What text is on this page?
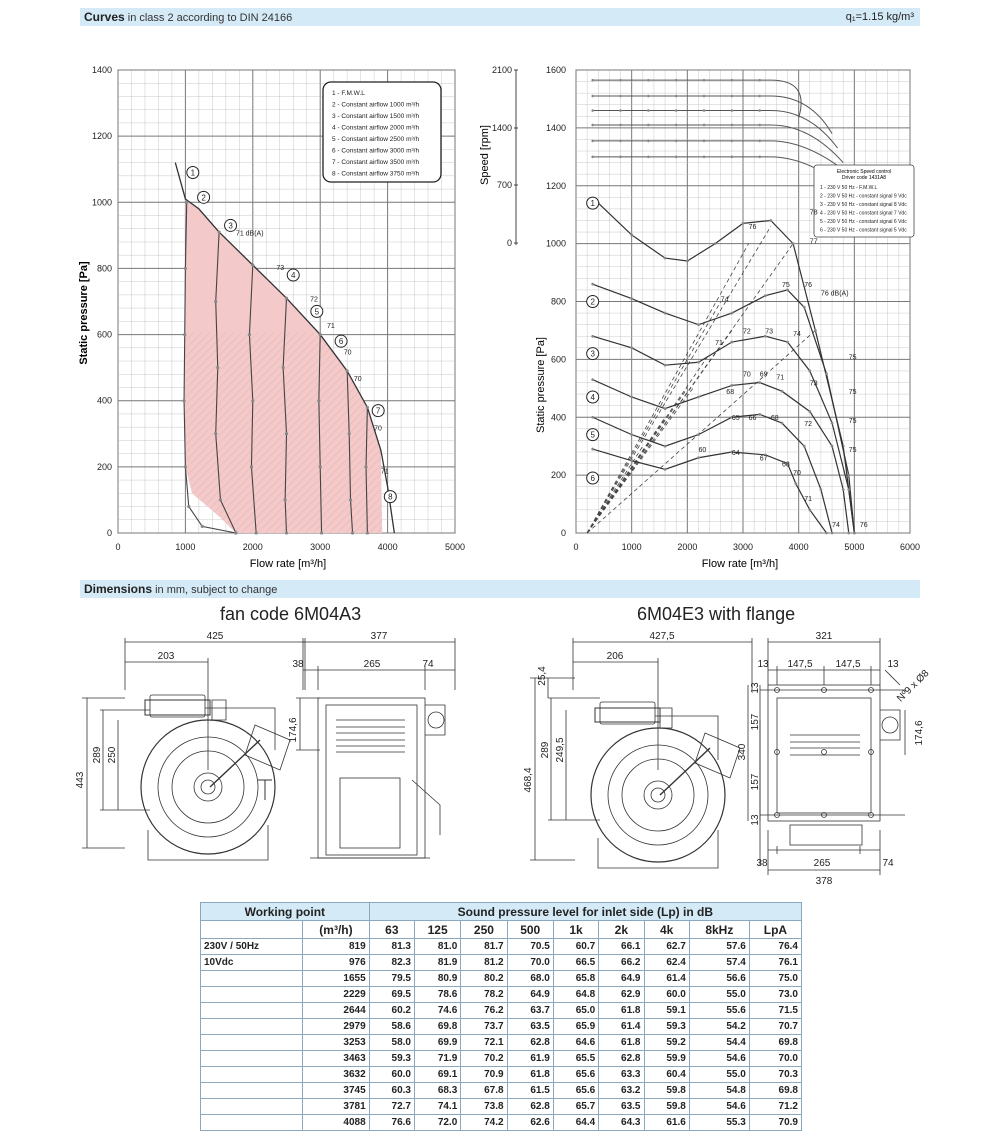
Curves in class 2 according to DIN 24166	q₁=1.15 kg/m³
1
2
3
4
5
6
7
8
0	1000	2000	3000	4000	5000
0
200
400
600
800
1000
1200
1400
Flow rate [m³/h]
Static pressure [Pa]
1 - F.M.W.L
2 - Constant airflow 1000 m³/h
3 - Constant airflow 1500 m³/h
4 - Constant airflow 2000 m³/h
5 - Constant airflow 2500 m³/h
6 - Constant airflow 3000 m³/h
7 - Constant airflow 3500 m³/h
8 - Constant airflow 3750 m³/h
71 dB(A)
73
72
71
70
70
70
71
1
2
3
4
5
6
0	1000	2000	3000	4000	5000	6000
0
200
400
600
800
1000
1200
1400
1600
0
700
1400
2100
Flow rate [m³/h]
Static pressure [Pa]
Speed [rpm]	Electronic Speed control
Driver code 1431A8
1 - 230 V 50 Hz - F.M.W.L
2 - 230 V 50 Hz - constant signal 9 Vdc
3 - 230 V 50 Hz - constant signal 8 Vdc
4 - 230 V 50 Hz - constant signal 7 Vdc
5 - 230 V 50 Hz - constant signal 6 Vdc
6 - 230 V 50 Hz - constant signal 5 Vdc
78
76
77
75 76
76 dB(A)
74
72 73	74
71
70 69 71
73
75
68
65 66 68
72
75
60	64
67
68
70
75
71
74	76
75
Dimensions in mm, subject to change
fan code 6M04A3	6M04E3 with flange
425
203
289 250
443
377
38	265	74
174,6
427,5
206
25,4
289 249,5
468,4
321
13 147,5 147,5	13
Nº9 x Ø8
13
157
157
13
340
174,6
38	265	74
378
Working point		Sound pressure level for inlet side (Lp) in dB								
	(m³/h)	63	125	250	500	1k	2k	4k	8kHz	LpA
230V / 50Hz	819	81.3	81.0	81.7	70.5	60.7	66.1	62.7	57.6	76.4
10Vdc	976	82.3	81.9	81.2	70.0	66.5	66.2	62.4	57.4	76.1
	1655	79.5	80.9	80.2	68.0	65.8	64.9	61.4	56.6	75.0
	2229	69.5	78.6	78.2	64.9	64.8	62.9	60.0	55.0	73.0
	2644	60.2	74.6	76.2	63.7	65.0	61.8	59.1	55.6	71.5
	2979	58.6	69.8	73.7	63.5	65.9	61.4	59.3	54.2	70.7
	3253	58.0	69.9	72.1	62.8	64.6	61.8	59.2	54.4	69.8
	3463	59.3	71.9	70.2	61.9	65.5	62.8	59.9	54.6	70.0
	3632	60.0	69.1	70.9	61.8	65.6	63.3	60.4	55.0	70.3
	3745	60.3	68.3	67.8	61.5	65.6	63.2	59.8	54.8	69.8
	3781	72.7	74.1	73.8	62.8	65.7	63.5	59.8	54.6	71.2
	4088	76.6	72.0	74.2	62.6	64.4	64.3	61.6	55.3	70.9
